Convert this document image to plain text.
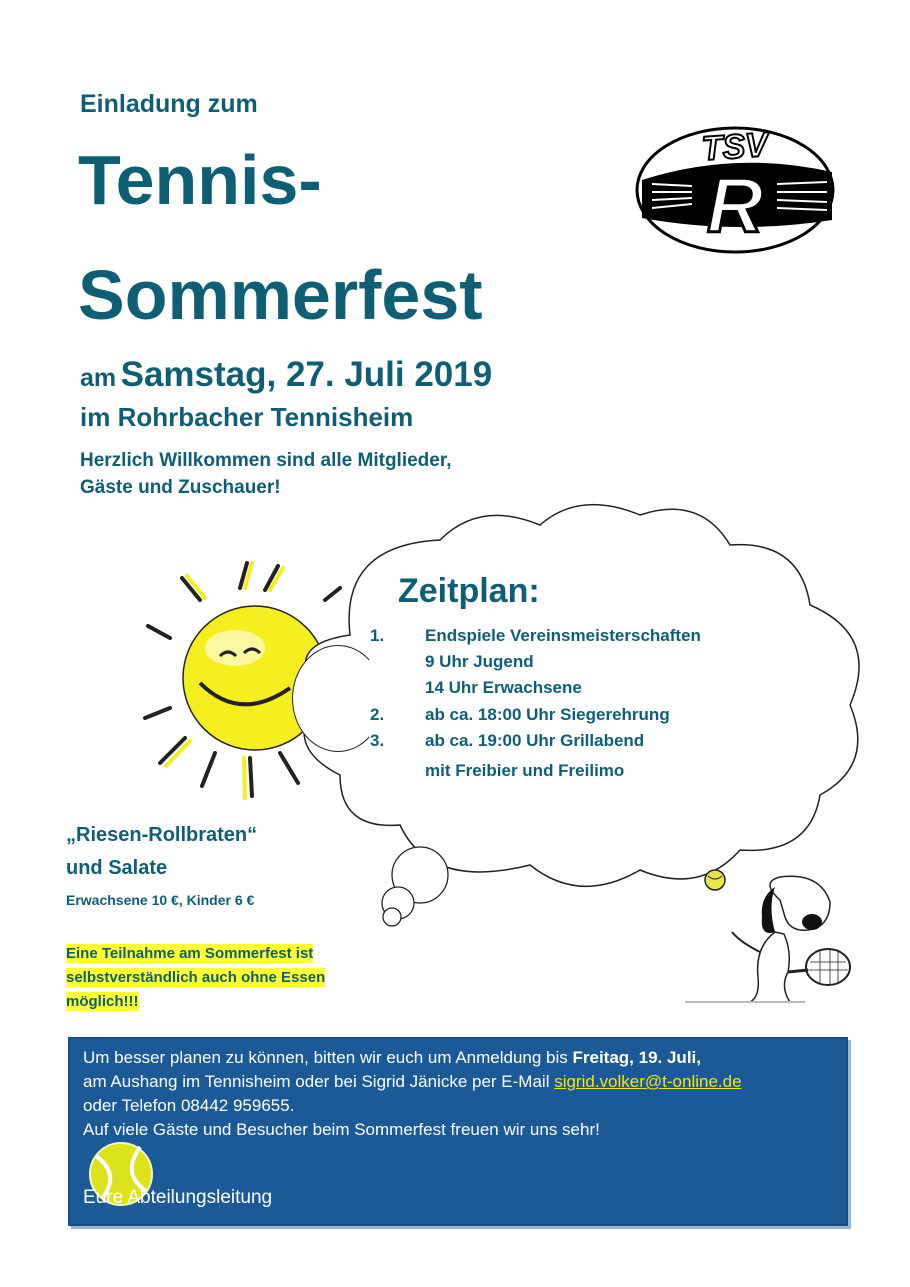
Einladung zum
Tennis-
Sommerfest
am Samstag, 27. Juli 2019
im Rohrbacher Tennisheim
Herzlich Willkommen sind alle Mitglieder,
Gäste und Zuschauer!
TSV
R
Zeitplan:
1. Endspiele Vereinsmeisterschaften
9 Uhr Jugend
14 Uhr Erwachsene
2. ab ca. 18:00 Uhr Siegerehrung
3. ab ca. 19:00 Uhr Grillabend
mit Freibier und Freilimo
„Riesen-Rollbraten“
und Salate
Erwachsene 10 €, Kinder 6 €
Eine Teilnahme am Sommerfest ist
selbstverständlich auch ohne Essen
möglich!!!

Um besser planen zu können, bitten wir euch um Anmeldung bis Freitag, 19. Juli,

am Aushang im Tennisheim oder bei Sigrid Jänicke per E-Mail sigrid.volker@t-online.de

oder Telefon 08442 959655.

Auf viele Gäste und Besucher beim Sommerfest freuen wir uns sehr!

Eure Abteilungsleitung
